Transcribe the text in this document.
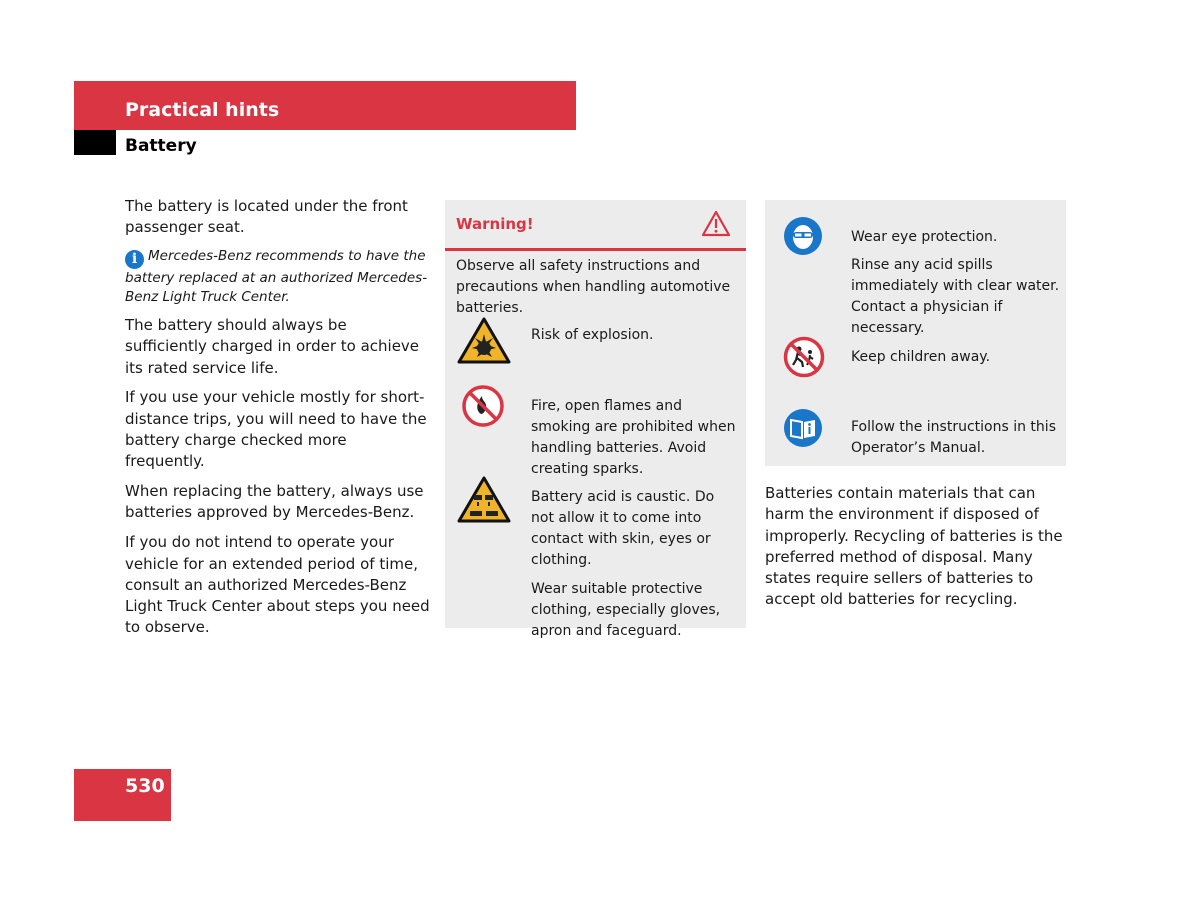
Practical hints
Battery

The battery is located under the front passenger seat.

i Mercedes-Benz recommends to have the battery replaced at an authorized Mercedes-Benz Light Truck Center.

The battery should always be sufficiently charged in order to achieve its rated service life.

If you use your vehicle mostly for short-distance trips, you will need to have the battery charge checked more frequently.

When replacing the battery, always use batteries approved by Mercedes-Benz.

If you do not intend to operate your vehicle for an extended period of time, consult an authorized Mercedes-Benz Light Truck Center about steps you need to observe.

Warning!
Observe all safety instructions and precautions when handling automotive batteries.
Risk of explosion.
Fire, open flames and smoking are prohibited when handling batteries. Avoid creating sparks.

Battery acid is caustic. Do not allow it to come into contact with skin, eyes or clothing.

Wear suitable protective clothing, especially gloves, apron and faceguard.

Wear eye protection.

Rinse any acid spills immediately with clear water. Contact a physician if necessary.

Keep children away.
Follow the instructions in this Operator’s Manual.
Batteries contain materials that can harm the environment if disposed of improperly. Recycling of batteries is the preferred method of disposal. Many states require sellers of batteries to accept old batteries for recycling.
530
